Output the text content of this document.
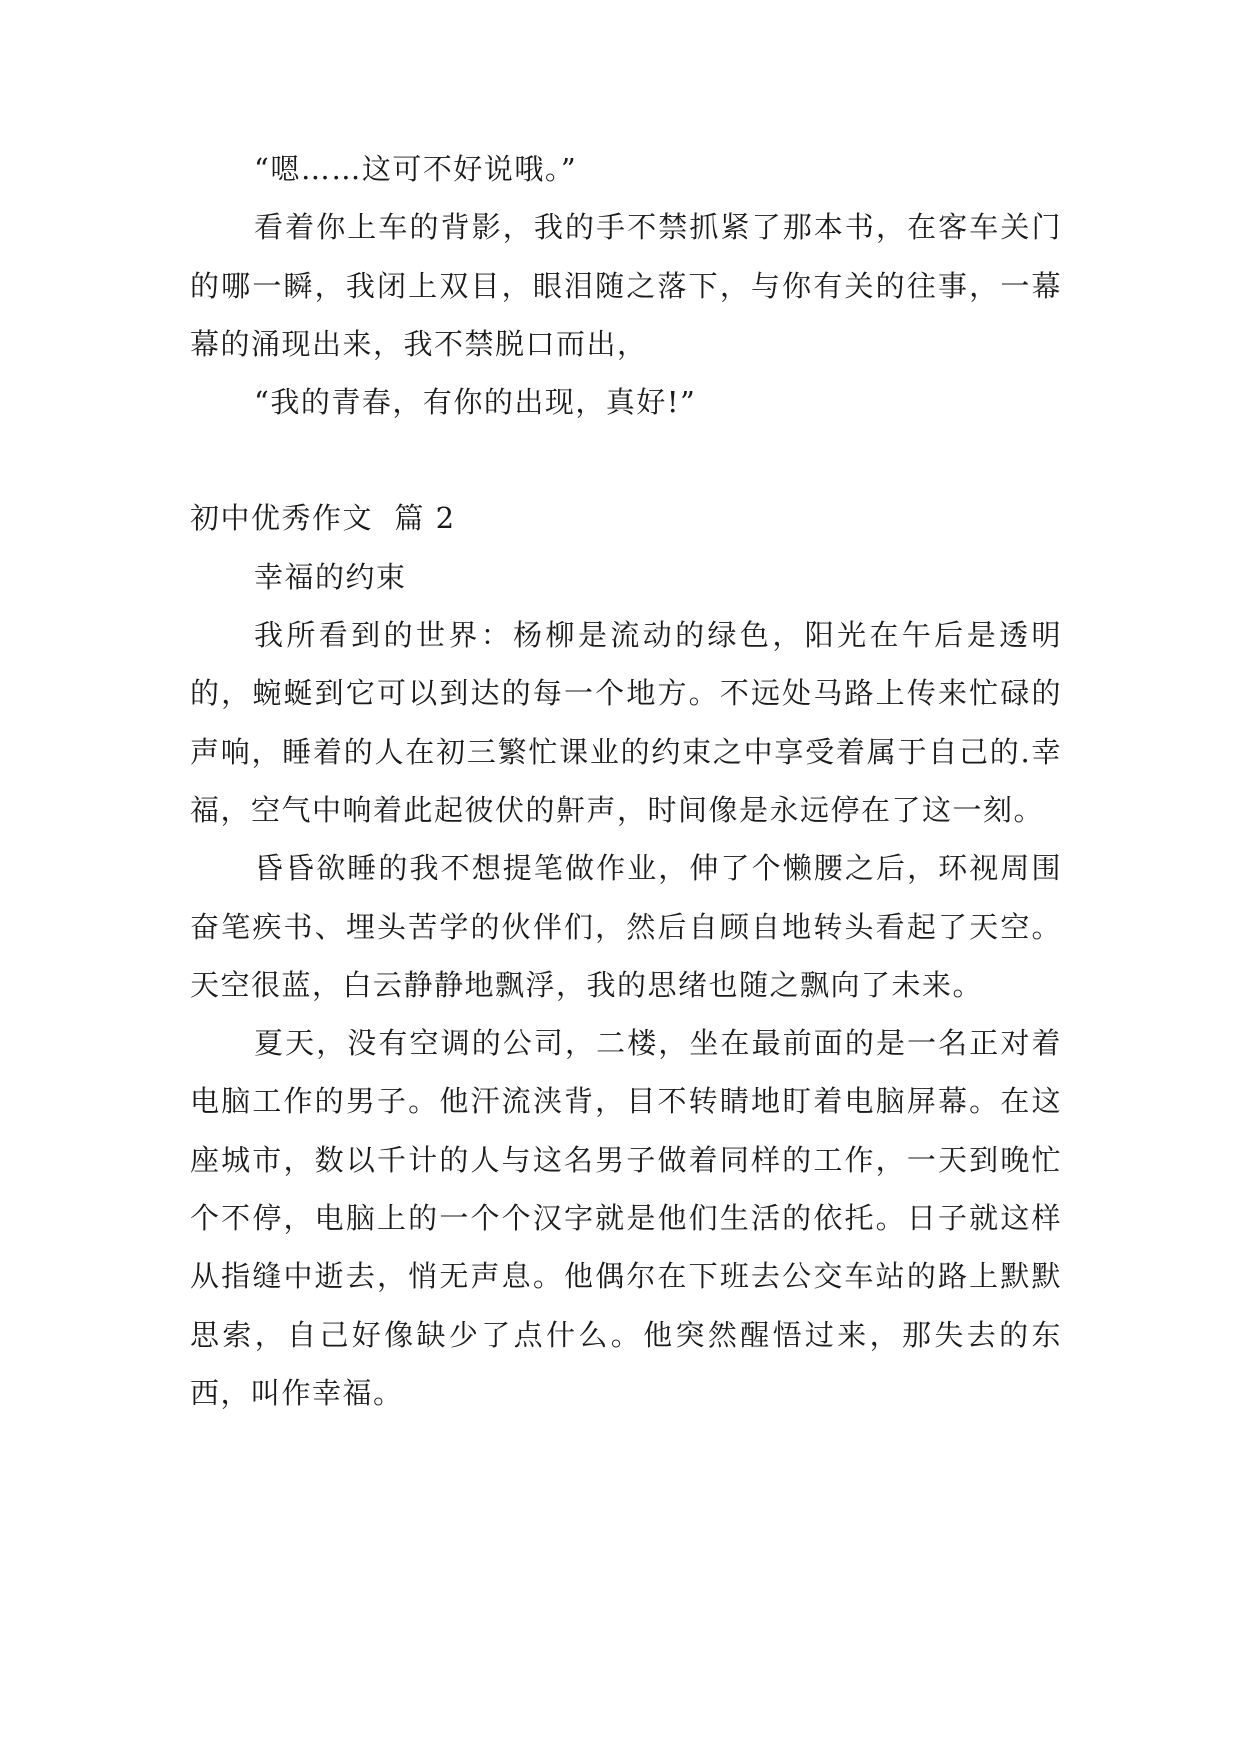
“嗯……这可不好说哦。”

看着你上车的背影，我的手不禁抓紧了那本书，在客车关门的哪一瞬，我闭上双目，眼泪随之落下，与你有关的往事，一幕幕的涌现出来，我不禁脱口而出，

“我的青春，有你的出现，真好!”

初中优秀作文  篇 2

幸福的约束

我所看到的世界：杨柳是流动的绿色，阳光在午后是透明的，蜿蜒到它可以到达的每一个地方。不远处马路上传来忙碌的声响，睡着的人在初三繁忙课业的约束之中享受着属于自己的.幸福，空气中响着此起彼伏的鼾声，时间像是永远停在了这一刻。

昏昏欲睡的我不想提笔做作业，伸了个懒腰之后，环视周围奋笔疾书、埋头苦学的伙伴们，然后自顾自地转头看起了天空。天空很蓝，白云静静地飘浮，我的思绪也随之飘向了未来。

夏天，没有空调的公司，二楼，坐在最前面的是一名正对着电脑工作的男子。他汗流浃背，目不转睛地盯着电脑屏幕。在这座城市，数以千计的人与这名男子做着同样的工作，一天到晚忙个不停，电脑上的一个个汉字就是他们生活的依托。日子就这样从指缝中逝去，悄无声息。他偶尔在下班去公交车站的路上默默思索，自己好像缺少了点什么。他突然醒悟过来，那失去的东西，叫作幸福。
